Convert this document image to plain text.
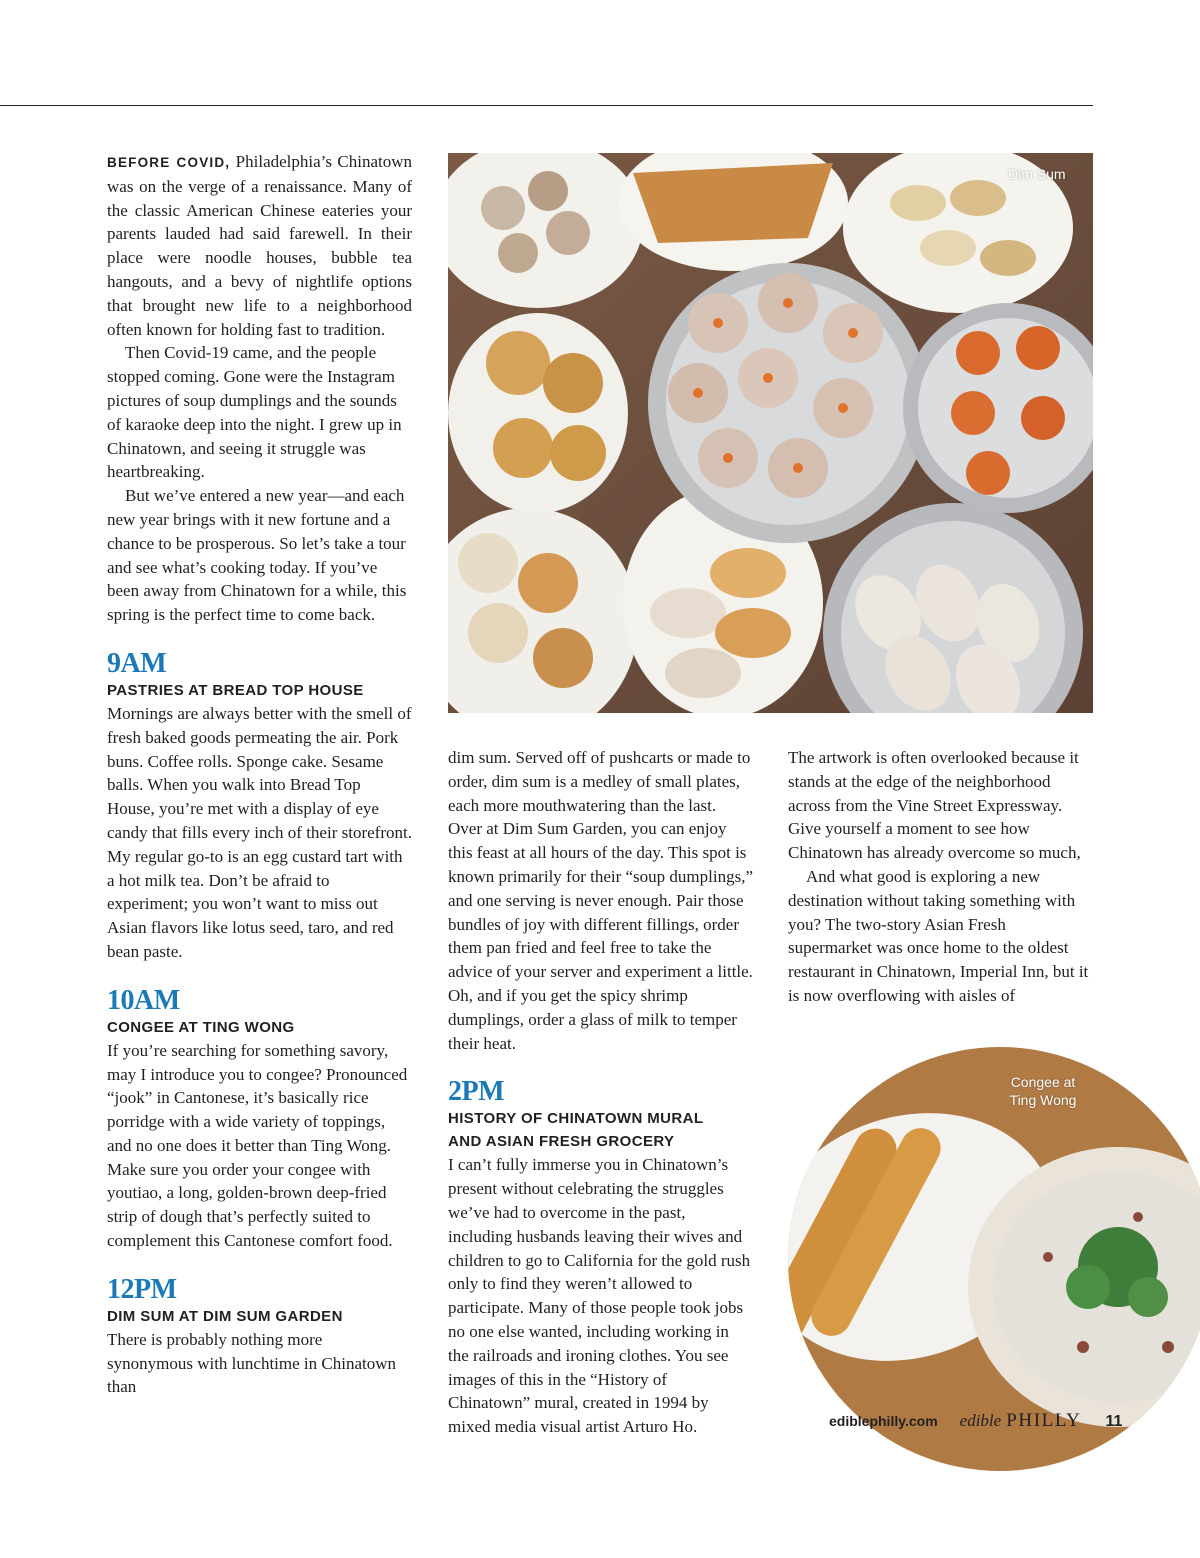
BEFORE COVID, Philadelphia’s Chinatown was on the verge of a renaissance. Many of the classic American Chinese eateries your parents lauded had said farewell. In their place were noodle houses, bubble tea hangouts, and a bevy of nightlife options that brought new life to a neighborhood often known for holding fast to tradition.

Then Covid-19 came, and the people stopped coming. Gone were the Instagram pictures of soup dumplings and the sounds of karaoke deep into the night. I grew up in Chinatown, and seeing it struggle was heartbreaking.

But we’ve entered a new year—and each new year brings with it new fortune and a chance to be prosperous. So let’s take a tour and see what’s cooking today. If you’ve been away from Chinatown for a while, this spring is the perfect time to come back.

9AM
PASTRIES AT BREAD TOP HOUSE

Mornings are always better with the smell of fresh baked goods permeating the air. Pork buns. Coffee rolls. Sponge cake. Sesame balls. When you walk into Bread Top House, you’re met with a display of eye candy that fills every inch of their storefront. My regular go-to is an egg custard tart with a hot milk tea. Don’t be afraid to experiment; you won’t want to miss out Asian flavors like lotus seed, taro, and red bean paste.

10AM
CONGEE AT TING WONG

If you’re searching for something savory, may I introduce you to congee? Pronounced “jook” in Cantonese, it’s basically rice porridge with a wide variety of toppings, and no one does it better than Ting Wong. Make sure you order your congee with youtiao, a long, golden-brown deep-fried strip of dough that’s perfectly suited to complement this Cantonese comfort food.

12PM
DIM SUM AT DIM SUM GARDEN

There is probably nothing more synonymous with lunchtime in Chinatown than

Dim Sum

dim sum. Served off of pushcarts or made to order, dim sum is a medley of small plates, each more mouthwatering than the last. Over at Dim Sum Garden, you can enjoy this feast at all hours of the day. This spot is known primarily for their “soup dumplings,” and one serving is never enough. Pair those bundles of joy with different fillings, order them pan fried and feel free to take the advice of your server and experiment a little. Oh, and if you get the spicy shrimp dumplings, order a glass of milk to temper their heat.

2PM
HISTORY OF CHINATOWN MURAL
AND ASIAN FRESH GROCERY

I can’t fully immerse you in Chinatown’s present without celebrating the struggles we’ve had to overcome in the past, including husbands leaving their wives and children to go to California for the gold rush only to find they weren’t allowed to participate. Many of those people took jobs no one else wanted, including working in the railroads and ironing clothes. You see images of this in the “History of Chinatown” mural, created in 1994 by mixed media visual artist Arturo Ho.

The artwork is often overlooked because it stands at the edge of the neighborhood across from the Vine Street Expressway. Give yourself a moment to see how Chinatown has already overcome so much,

And what good is exploring a new destination without taking something with you? The two-story Asian Fresh supermarket was once home to the oldest restaurant in Chinatown, Imperial Inn, but it is now overflowing with aisles of

Congee at
Ting Wong
ediblephilly.com edible PHILLY 11
